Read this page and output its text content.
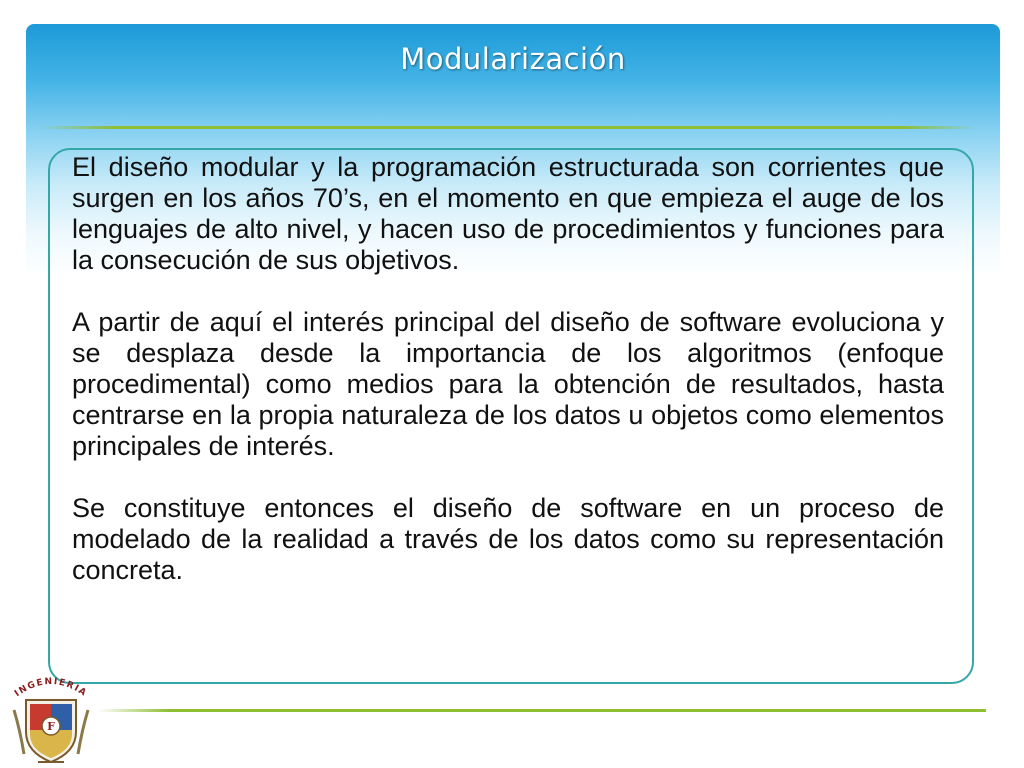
Modularización

El diseño modular y la programación estructurada son corrientes que surgen en los años 70’s, en el momento en que empieza el auge de los lenguajes de alto nivel, y hacen uso de procedimientos y funciones para la consecución de sus objetivos.

A partir de aquí el interés principal del diseño de software evoluciona y se desplaza desde la importancia de los algoritmos (enfoque procedimental) como medios para la obtención de resultados, hasta centrarse en la propia naturaleza de los datos u objetos como elementos principales de interés.

Se constituye entonces el diseño de software en un proceso de modelado de la realidad a través de los datos como su representación concreta.

INGENIERIA
F
